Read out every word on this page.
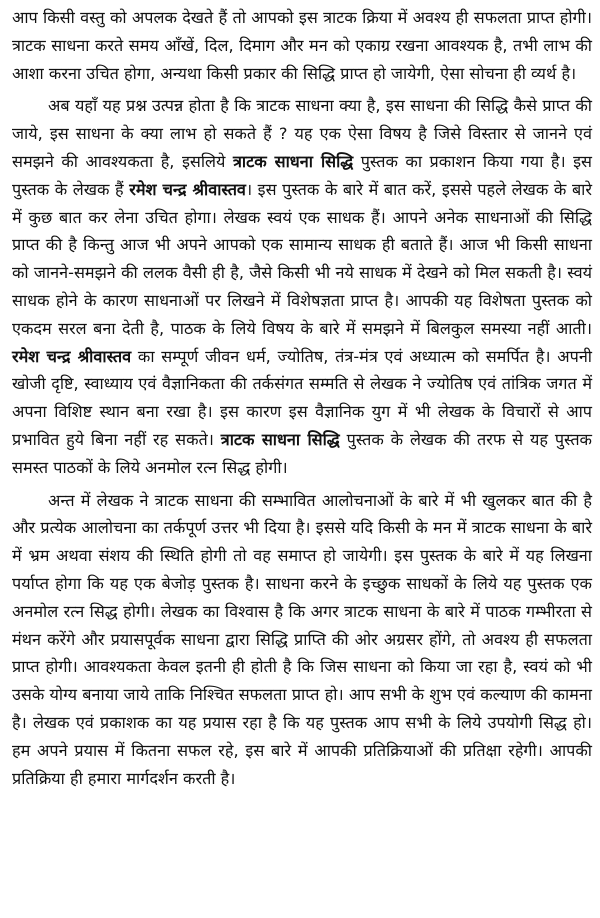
आप किसी वस्तु को अपलक देखते हैं तो आपको इस त्राटक क्रिया में अवश्य ही सफलता प्राप्त होगी। त्राटक साधना करते समय आँखें, दिल, दिमाग और मन को एकाग्र रखना आवश्यक है, तभी लाभ की आशा करना उचित होगा, अन्यथा किसी प्रकार की सिद्धि प्राप्त हो जायेगी, ऐसा सोचना ही व्यर्थ है।

अब यहाँ यह प्रश्न उत्पन्न होता है कि त्राटक साधना क्या है, इस साधना की सिद्धि कैसे प्राप्त की जाये, इस साधना के क्या लाभ हो सकते हैं ? यह एक ऐसा विषय है जिसे विस्तार से जानने एवं समझने की आवश्यकता है, इसलिये त्राटक साधना सिद्धि पुस्तक का प्रकाशन किया गया है। इस पुस्तक के लेखक हैं रमेश चन्द्र श्रीवास्तव। इस पुस्तक के बारे में बात करें, इससे पहले लेखक के बारे में कुछ बात कर लेना उचित होगा। लेखक स्वयं एक साधक हैं। आपने अनेक साधनाओं की सिद्धि प्राप्त की है किन्तु आज भी अपने आपको एक सामान्य साधक ही बताते हैं। आज भी किसी साधना को जानने-समझने की ललक वैसी ही है, जैसे किसी भी नये साधक में देखने को मिल सकती है। स्वयं साधक होने के कारण साधनाओं पर लिखने में विशेषज्ञता प्राप्त है। आपकी यह विशेषता पुस्तक को एकदम सरल बना देती है, पाठक के लिये विषय के बारे में समझने में बिलकुल समस्या नहीं आती। रमेश चन्द्र श्रीवास्तव का सम्पूर्ण जीवन धर्म, ज्योतिष, तंत्र-मंत्र एवं अध्यात्म को समर्पित है। अपनी खोजी दृष्टि, स्वाध्याय एवं वैज्ञानिकता की तर्कसंगत सम्मति से लेखक ने ज्योतिष एवं तांत्रिक जगत में अपना विशिष्ट स्थान बना रखा है। इस कारण इस वैज्ञानिक युग में भी लेखक के विचारों से आप प्रभावित हुये बिना नहीं रह सकते। त्राटक साधना सिद्धि पुस्तक के लेखक की तरफ से यह पुस्तक समस्त पाठकों के लिये अनमोल रत्न सिद्ध होगी।

अन्त में लेखक ने त्राटक साधना की सम्भावित आलोचनाओं के बारे में भी खुलकर बात की है और प्रत्येक आलोचना का तर्कपूर्ण उत्तर भी दिया है। इससे यदि किसी के मन में त्राटक साधना के बारे में भ्रम अथवा संशय की स्थिति होगी तो वह समाप्त हो जायेगी। इस पुस्तक के बारे में यह लिखना पर्याप्त होगा कि यह एक बेजोड़ पुस्तक है। साधना करने के इच्छुक साधकों के लिये यह पुस्तक एक अनमोल रत्न सिद्ध होगी। लेखक का विश्वास है कि अगर त्राटक साधना के बारे में पाठक गम्भीरता से मंथन करेंगे और प्रयासपूर्वक साधना द्वारा सिद्धि प्राप्ति की ओर अग्रसर होंगे, तो अवश्य ही सफलता प्राप्त होगी। आवश्यकता केवल इतनी ही होती है कि जिस साधना को किया जा रहा है, स्वयं को भी उसके योग्य बनाया जाये ताकि निश्चित सफलता प्राप्त हो। आप सभी के शुभ एवं कल्याण की कामना है। लेखक एवं प्रकाशक का यह प्रयास रहा है कि यह पुस्तक आप सभी के लिये उपयोगी सिद्ध हो। हम अपने प्रयास में कितना सफल रहे, इस बारे में आपकी प्रतिक्रियाओं की प्रतिक्षा रहेगी। आपकी प्रतिक्रिया ही हमारा मार्गदर्शन करती है।
